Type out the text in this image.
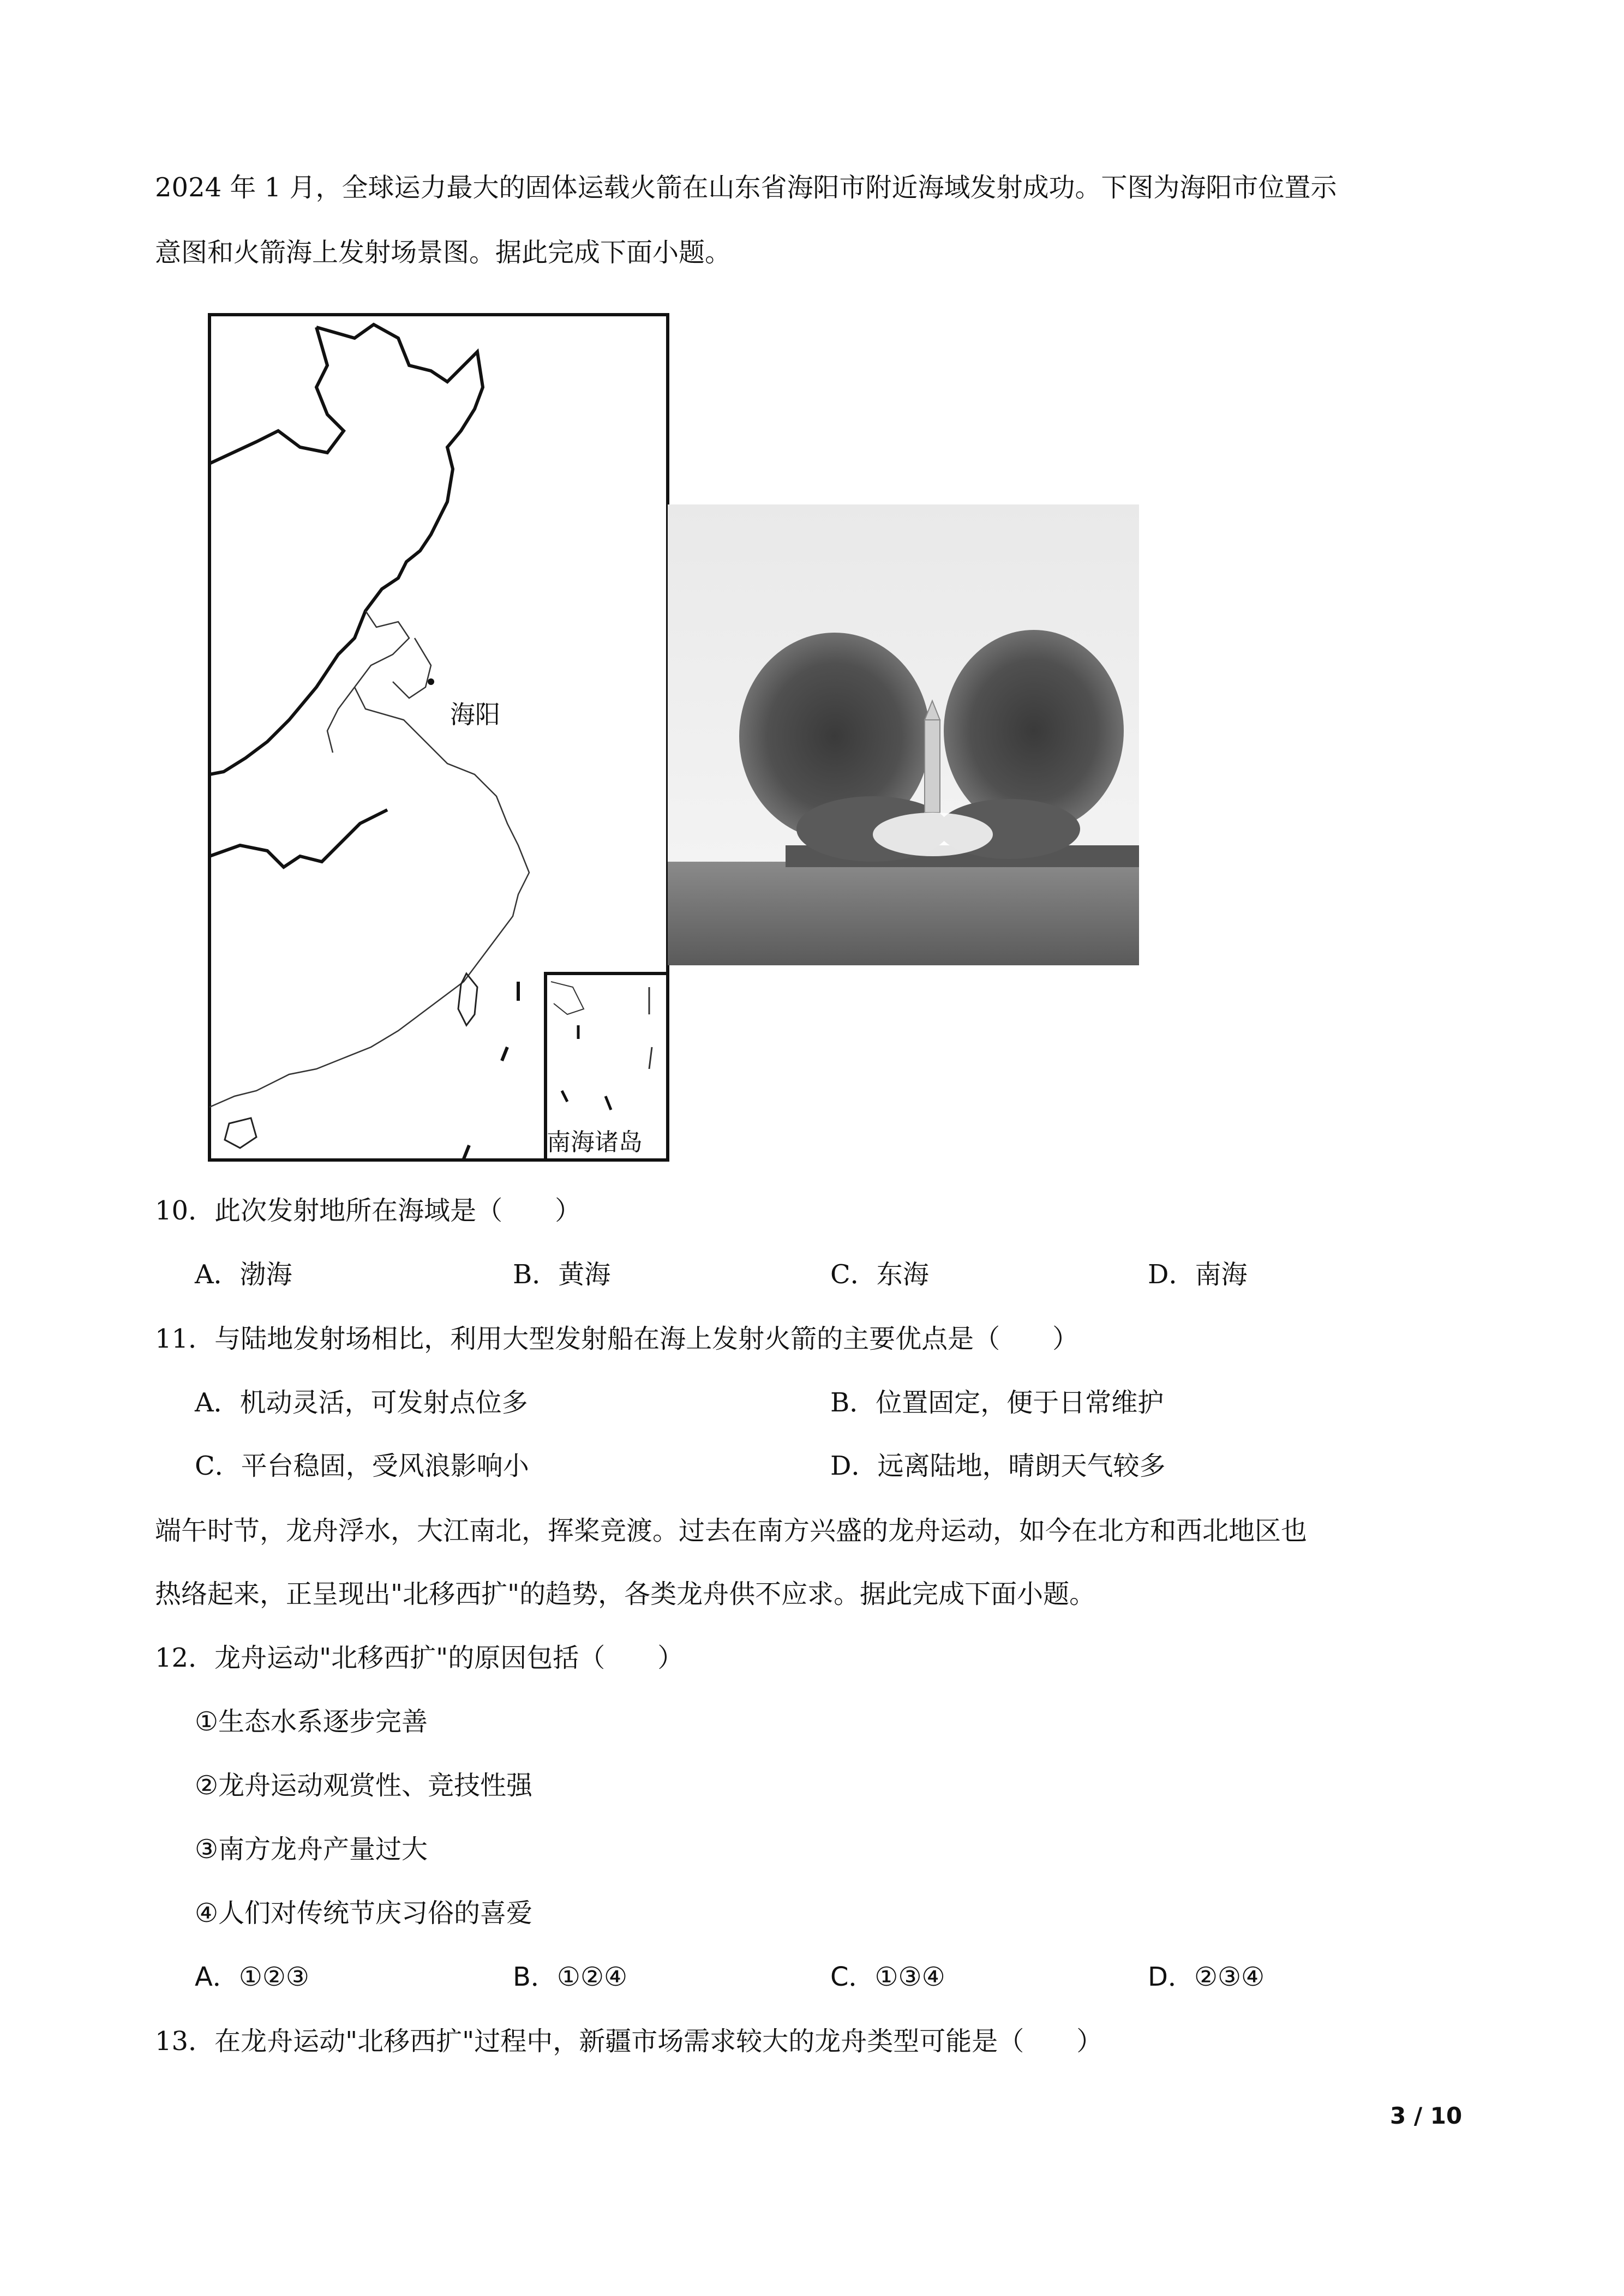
2024 年 1 月，全球运力最大的固体运载火箭在山东省海阳市附近海域发射成功。下图为海阳市位置示
意图和火箭海上发射场景图。据此完成下面小题。
海阳
南海诸岛
10．此次发射地所在海域是（　　）
A．渤海	B．黄海	C．东海	D．南海
11．与陆地发射场相比，利用大型发射船在海上发射火箭的主要优点是（　　）
A．机动灵活，可发射点位多	B．位置固定，便于日常维护
C．平台稳固，受风浪影响小	D．远离陆地，晴朗天气较多
端午时节，龙舟浮水，大江南北，挥桨竞渡。过去在南方兴盛的龙舟运动，如今在北方和西北地区也
热络起来，正呈现出"北移西扩"的趋势，各类龙舟供不应求。据此完成下面小题。
12．龙舟运动"北移西扩"的原因包括（　　）
①生态水系逐步完善
②龙舟运动观赏性、竞技性强
③南方龙舟产量过大
④人们对传统节庆习俗的喜爱
A．①②③	B．①②④	C．①③④	D．②③④
13．在龙舟运动"北移西扩"过程中，新疆市场需求较大的龙舟类型可能是（　　）
3 / 10
